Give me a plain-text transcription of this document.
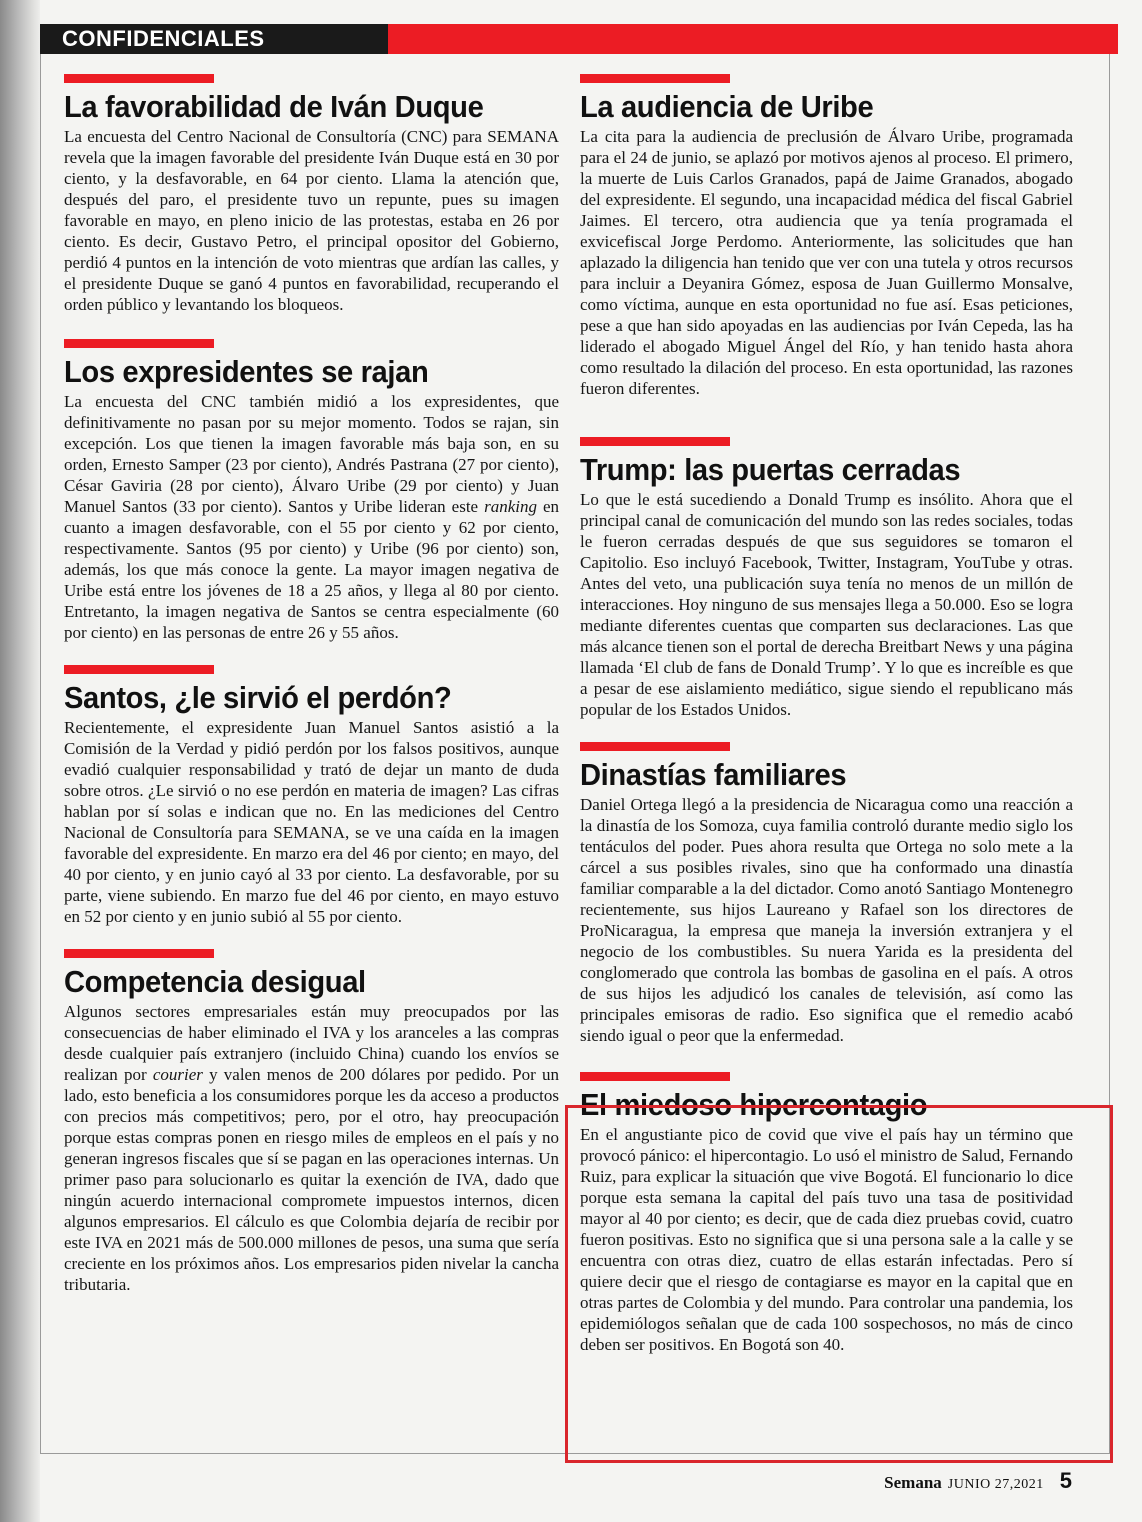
CONFIDENCIALES
La favorabilidad de Iván Duque

La encuesta del Centro Nacional de Consultoría (CNC) para SEMANA revela que la imagen favorable del presidente Iván Duque está en 30 por ciento, y la desfavorable, en 64 por ciento. Llama la atención que, después del paro, el presidente tuvo un repunte, pues su imagen favorable en mayo, en pleno inicio de las protestas, estaba en 26 por ciento. Es decir, Gustavo Petro, el principal opositor del Gobierno, perdió 4 puntos en la intención de voto mientras que ardían las calles, y el presidente Duque se ganó 4 puntos en favorabilidad, recuperando el orden público y levantando los bloqueos.

Los expresidentes se rajan

La encuesta del CNC también midió a los expresidentes, que definitivamente no pasan por su mejor momento. Todos se rajan, sin excepción. Los que tienen la imagen favorable más baja son, en su orden, Ernesto Samper (23 por ciento), Andrés Pastrana (27 por ciento), César Gaviria (28 por ciento), Álvaro Uribe (29 por ciento) y Juan Manuel Santos (33 por ciento). Santos y Uribe lideran este ranking en cuanto a imagen desfavorable, con el 55 por ciento y 62 por ciento, respectivamente. Santos (95 por ciento) y Uribe (96 por ciento) son, además, los que más conoce la gente. La mayor imagen negativa de Uribe está entre los jóvenes de 18 a 25 años, y llega al 80 por ciento. Entretanto, la imagen negativa de Santos se centra especialmente (60 por ciento) en las personas de entre 26 y 55 años.

Santos, ¿le sirvió el perdón?

Recientemente, el expresidente Juan Manuel Santos asistió a la Comisión de la Verdad y pidió perdón por los falsos positivos, aunque evadió cualquier responsabilidad y trató de dejar un manto de duda sobre otros. ¿Le sirvió o no ese perdón en materia de imagen? Las cifras hablan por sí solas e indican que no. En las mediciones del Centro Nacional de Consultoría para SEMANA, se ve una caída en la imagen favorable del expresidente. En marzo era del 46 por ciento; en mayo, del 40 por ciento, y en junio cayó al 33 por ciento. La desfavorable, por su parte, viene subiendo. En marzo fue del 46 por ciento, en mayo estuvo en 52 por ciento y en junio subió al 55 por ciento.

Competencia desigual

Algunos sectores empresariales están muy preocupados por las consecuencias de haber eliminado el IVA y los aranceles a las compras desde cualquier país extranjero (incluido China) cuando los envíos se realizan por courier y valen menos de 200 dólares por pedido. Por un lado, esto beneficia a los consumidores porque les da acceso a productos con precios más competitivos; pero, por el otro, hay preocupación porque estas compras ponen en riesgo miles de empleos en el país y no generan ingresos fiscales que sí se pagan en las operaciones internas. Un primer paso para solucionarlo es quitar la exención de IVA, dado que ningún acuerdo internacional compromete impuestos internos, dicen algunos empresarios. El cálculo es que Colombia dejaría de recibir por este IVA en 2021 más de 500.000 millones de pesos, una suma que sería creciente en los próximos años. Los empresarios piden nivelar la cancha tributaria.

La audiencia de Uribe

La cita para la audiencia de preclusión de Álvaro Uribe, programada para el 24 de junio, se aplazó por motivos ajenos al proceso. El primero, la muerte de Luis Carlos Granados, papá de Jaime Granados, abogado del expresidente. El segundo, una incapacidad médica del fiscal Gabriel Jaimes. El tercero, otra audiencia que ya tenía programada el exvicefiscal Jorge Perdomo. Anteriormente, las solicitudes que han aplazado la diligencia han tenido que ver con una tutela y otros recursos para incluir a Deyanira Gómez, esposa de Juan Guillermo Monsalve, como víctima, aunque en esta oportunidad no fue así. Esas peticiones, pese a que han sido apoyadas en las audiencias por Iván Cepeda, las ha liderado el abogado Miguel Ángel del Río, y han tenido hasta ahora como resultado la dilación del proceso. En esta oportunidad, las razones fueron diferentes.

Trump: las puertas cerradas

Lo que le está sucediendo a Donald Trump es insólito. Ahora que el principal canal de comunicación del mundo son las redes sociales, todas le fueron cerradas después de que sus seguidores se tomaron el Capitolio. Eso incluyó Facebook, Twitter, Instagram, YouTube y otras. Antes del veto, una publicación suya tenía no menos de un millón de interacciones. Hoy ninguno de sus mensajes llega a 50.000. Eso se logra mediante diferentes cuentas que comparten sus declaraciones. Las que más alcance tienen son el portal de derecha Breitbart News y una página llamada ‘El club de fans de Donald Trump’. Y lo que es increíble es que a pesar de ese aislamiento mediático, sigue siendo el republicano más popular de los Estados Unidos.

Dinastías familiares

Daniel Ortega llegó a la presidencia de Nicaragua como una reacción a la dinastía de los Somoza, cuya familia controló durante medio siglo los tentáculos del poder. Pues ahora resulta que Ortega no solo mete a la cárcel a sus posibles rivales, sino que ha conformado una dinastía familiar comparable a la del dictador. Como anotó Santiago Montenegro recientemente, sus hijos Laureano y Rafael son los directores de ProNicaragua, la empresa que maneja la inversión extranjera y el negocio de los combustibles. Su nuera Yarida es la presidenta del conglomerado que controla las bombas de gasolina en el país. A otros de sus hijos les adjudicó los canales de televisión, así como las principales emisoras de radio. Eso significa que el remedio acabó siendo igual o peor que la enfermedad.

El miedoso hipercontagio

En el angustiante pico de covid que vive el país hay un término que provocó pánico: el hipercontagio. Lo usó el ministro de Salud, Fernando Ruiz, para explicar la situación que vive Bogotá. El funcionario lo dice porque esta semana la capital del país tuvo una tasa de positividad mayor al 40 por ciento; es decir, que de cada diez pruebas covid, cuatro fueron positivas. Esto no significa que si una persona sale a la calle y se encuentra con otras diez, cuatro de ellas estarán infectadas. Pero sí quiere decir que el riesgo de contagiarse es mayor en la capital que en otras partes de Colombia y del mundo. Para controlar una pandemia, los epidemiólogos señalan que de cada 100 sospechosos, no más de cinco deben ser positivos. En Bogotá son 40.

Semana JUNIO 27,2021 5
